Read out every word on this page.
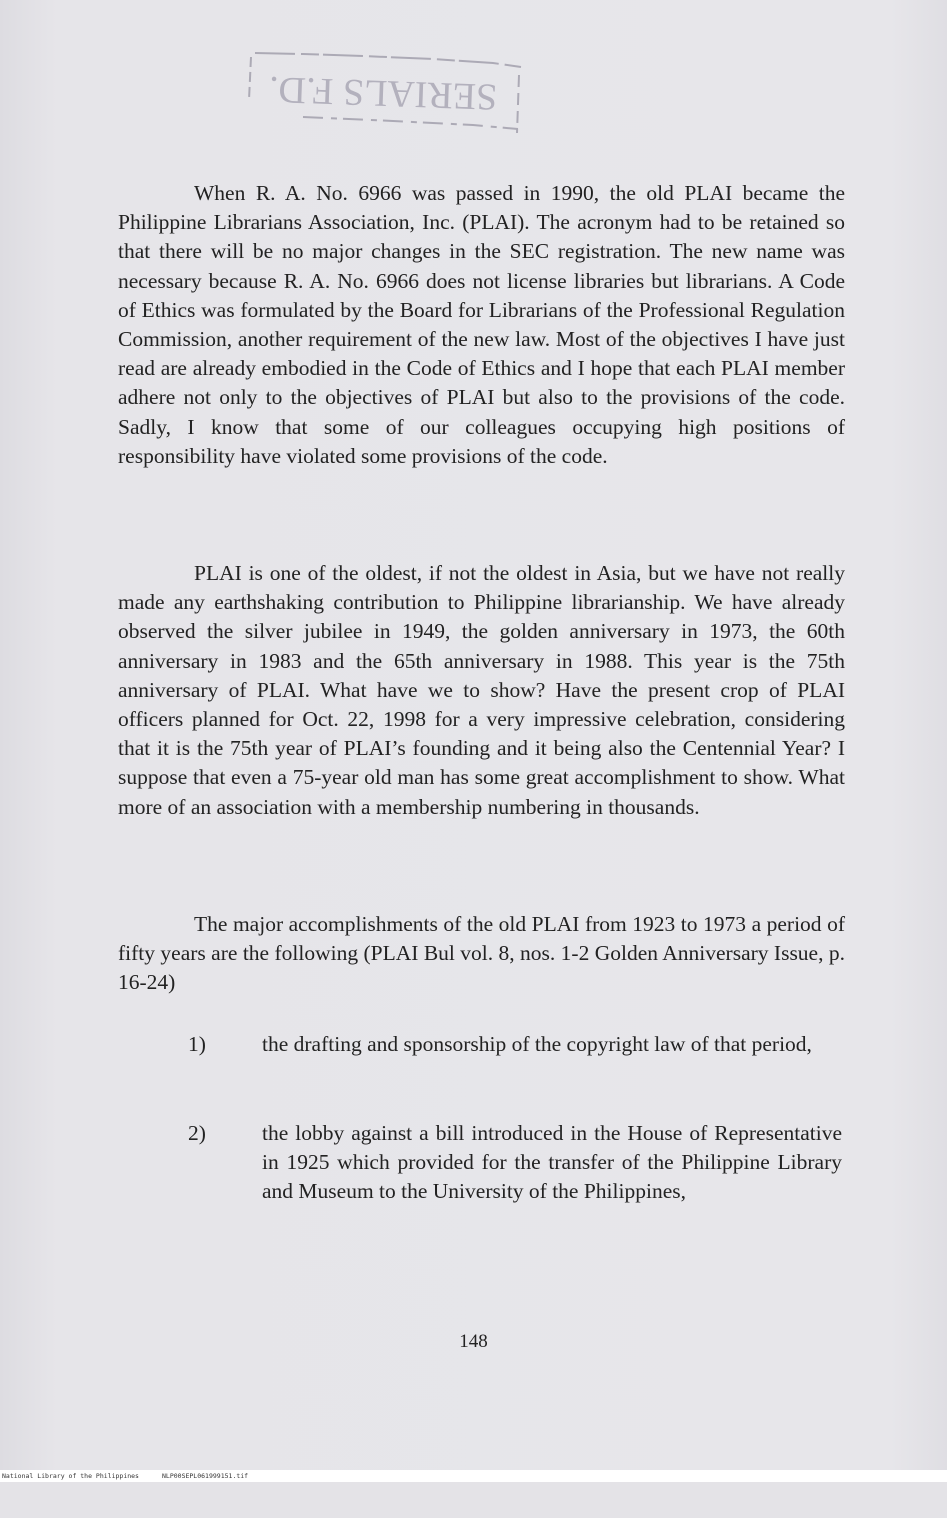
SERIALS F.D.

When R. A. No. 6966 was passed in 1990, the old PLAI became the Philippine Librarians Association, Inc. (PLAI). The acronym had to be retained so that there will be no major changes in the SEC registration. The new name was necessary because R. A. No. 6966 does not license libraries but librarians. A Code of Ethics was formulated by the Board for Librarians of the Professional Regulation Commission, another requirement of the new law. Most of the objectives I have just read are already embodied in the Code of Ethics and I hope that each PLAI member adhere not only to the objectives of PLAI but also to the provisions of the code. Sadly, I know that some of our colleagues occupying high positions of responsibility have violated some provisions of the code.

PLAI is one of the oldest, if not the oldest in Asia, but we have not really made any earthshaking contribution to Philippine librarianship. We have already observed the silver jubilee in 1949, the golden anniversary in 1973, the 60th anniversary in 1983 and the 65th anniversary in 1988. This year is the 75th anniversary of PLAI. What have we to show? Have the present crop of PLAI officers planned for Oct. 22, 1998 for a very impressive celebration, considering that it is the 75th year of PLAI’s founding and it being also the Centennial Year? I suppose that even a 75-year old man has some great accomplishment to show. What more of an association with a membership numbering in thousands.

The major accomplishments of the old PLAI from 1923 to 1973 a period of fifty years are the following (PLAI Bul vol. 8, nos. 1-2 Golden Anniversary Issue, p. 16-24)

1)	the drafting and sponsorship of the copyright law of that period,
2)	the lobby against a bill introduced in the House of Representative in 1925 which provided for the transfer of the Philippine Library and Museum to the University of the Philippines,
148

National Library of the Philippines

	NLP00SEPL061999151.tif
